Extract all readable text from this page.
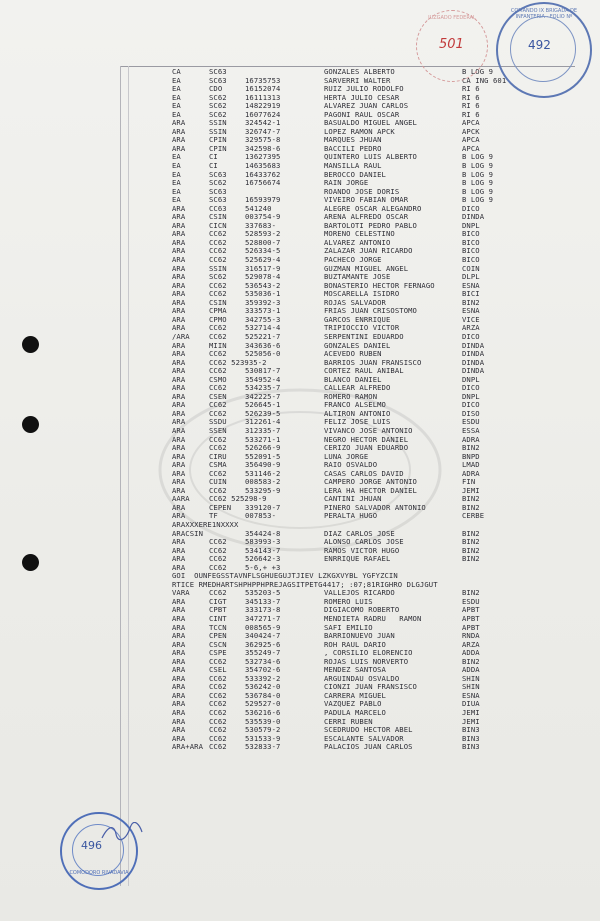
CA	SC63	GONZALES ALBERTO	B LOG 9
EA	SC63	16735753	SARVERRI WALTER	CA ING 601
EA	CDO	16152074	RUIZ JULIO RODOLFO	RI 6
EA	SC62	16111313	HERTA JULIO CESAR	RI 6
EA	SC62	14822919	ALVAREZ JUAN CARLOS	RI 6
EA	SC62	16077624	PAGONI RAUL OSCAR	RI 6
ARA	SSIN	324542-1	BASUALDO MIGUEL ANGEL	APCA
ARA	SSIN	326747-7	LOPEZ RAMON APCK	APCK
ARA	CPIN	329575-8	MARQUES JHUAN	APCA
ARA	CPIN	342598-6	BACCILI PEDRO	APCA
EA	CI	13627395	QUINTERO LUIS ALBERTO	B LOG 9
EA	CI	14635683	MANSILLA RAUL	B LOG 9
EA	SC63	16433762	BEROCCO DANIEL	B LOG 9
EA	SC62	16756674	RAIN JORGE	B LOG 9
EA	SC63	ROANDO JOSE DORIS	B LOG 9
EA	SC63	16593979	VIVEIRO FABIAN OMAR	B LOG 9
ARA	CC63	541240	ALEGRE OSCAR ALEGANDRO	DICO
ARA	CSIN	003754-9	ARENA ALFREDO OSCAR	DINDA
ARA	CICN	337683-	BARTOLOTI PEDRO PABLO	DNPL
ARA	CC62	528593-2	MORENO CELESTINO	BICO
ARA	CC62	528800-7	ALVAREZ ANTONIO	BICO
ARA	CC62	526334-5	ZALAZAR JUAN RICARDO	BICO
ARA	CC62	525629-4	PACHECO JORGE	BICO
ARA	SSIN	316517-9	GUZMAN MIGUEL ANGEL	COIN
ARA	SC62	529078-4	BUZTAMANTE JOSE	DLPL
ARA	CC62	536543-2	BONASTERIO HECTOR FERNAGO	ESNA
ARA	CC62	535036-1	MOSCARELLA ISIDRO	BICI
ARA	CSIN	359392-3	ROJAS SALVADOR	BIN2
ARA	CPMA	333573-1	FRIAS JUAN CRISOSTOMO	ESNA
ARA	CPMO	342755-3	GARCOS ENRRIQUE	VICE
ARA	CC62	532714-4	TRIPIOCCIO VICTOR	ARZA
/ARA	CC62	525221-7	SERPENTINI EDUARDO	DICO
ARA	MIIN	343636-6	GONZALES DANIEL	DINDA
ARA	CC62	525056-0	ACEVEDO RUBEN	DINDA
ARA	CC62 523935-2	BARRIOS JUAN FRANSISCO	DINDA
ARA	CC62	530817-7	CORTEZ RAUL ANIBAL	DINDA
ARA	CSMO	354952-4	BLANCO DANIEL	DNPL
ARA	CC62	534235-7	CALLEAR ALFREDO	DICO
ARA	CSEN	342225-7	ROMERO RAMON	DNPL
ARA	CC62	526645-1	FRANCO ALSELMO	DICO
ARA	CC62	526239-5	ALTIRON ANTONIO	DISO
ARA	SSDU	312261-4	FELIZ JOSE LUIS	ESDU
ARA	SSEN	312335-7	VIVANCO JOSE ANTONIO	ESSA
ARA	CC62	533271-1	NEGRO HECTOR DANIEL	ADRA
ARA	CC62	526266-9	CERIZO JUAN EDUARDO	BIN2
ARA	CIRU	552091-5	LUNA JORGE	BNPD
ARA	CSMA	356490-9	RAIO OSVALDO	LMAD
ARA	CC62	531146-2	CASAS CARLOS DAVID	ADRA
ARA	CUIN	008583-2	CAMPERO JORGE ANTONIO	FIN
ARA	CC62	533295-9	LERA HA HECTOR DANIEL	JEMI
AARA	CC62 525298-9	CANTINI JHUAN	BIN2
ARA	CEPEN 339120-7	PINERO SALVADOR ANTONIO	BIN2
ARA	TF	007853-	PERALTA HUGO	CERBE
ARAXXXERE1NXXXX
ARACSIN	354424-8	DIAZ CARLOS JOSE	BIN2
ARA	CC62	583993-3	ALONSO CARLOS JOSE	BIN2
ARA	CC62	534143-7	RAMOS VICTOR HUGO	BIN2
ARA	CC62	526642-3	ENRRIQUE RAFAEL	BIN2
ARA	CC62	5-6,+ +3
GOI  OUNFEGSSTAVNFLSGHUEGUJTJIEV LZKGXVYBL YGFYZCIN
RTICE RMEDHARTSHPHPPHPREJAGSITPETG4417; :07;81RIGHRO DLGJGUT
VARA	CC62	535203-5	VALLEJOS RICARDO	BIN2
ARA	CIGT	345133-7	ROMERO LUIS	ESDU
ARA	CPBT	333173-8	DIGIACOMO ROBERTO	APBT
ARA	CINT	347271-7	MENDIETA RADRU   RAMON	APBT
ARA	TCCN	008565-9	SAFI EMILIO	APBT
ARA	CPEN	340424-7	BARRIONUEVO JUAN	RNDA
ARA	CSCN	362925-6	ROH RAUL DARIO	ARZA
ARA	CSPE	355249-7	, CORSILIO ELORENCIO	ADDA
ARA	CC62	532734-6	ROJAS LUIS NORVERTO	BIN2
ARA	CSEL	354702-6	MENDEZ SANTOSA	ADDA
ARA	CC62	533392-2	ARGUINDAU OSVALDO	SHIN
ARA	CC62	536242-0	CIONZI JUAN FRANSISCO	SHIN
ARA	CC62	536784-0	CARRERA MIGUEL	ESNA
ARA	CC62	529527-0	VAZQUEZ PABLO	DIUA
ARA	CC62	536216-6	PADULA MARCELO	JEMI
ARA	CC62	535539-0	CERRI RUBEN	JEMI
ARA	CC62	530579-2	SCEDRUDO HECTOR ABEL	BIN3
ARA	CC62	531533-9	ESCALANTE SALVADOR	BIN3
ARA+ARA CC62	532833-7	PALACIOS JUAN CARLOS	BIN3
JUZGADO FEDERAL
501
COMANDO IX BRIGADA DE INFANTERIA · FOLIO Nº
492
496
COMODORO RIVADAVIA
